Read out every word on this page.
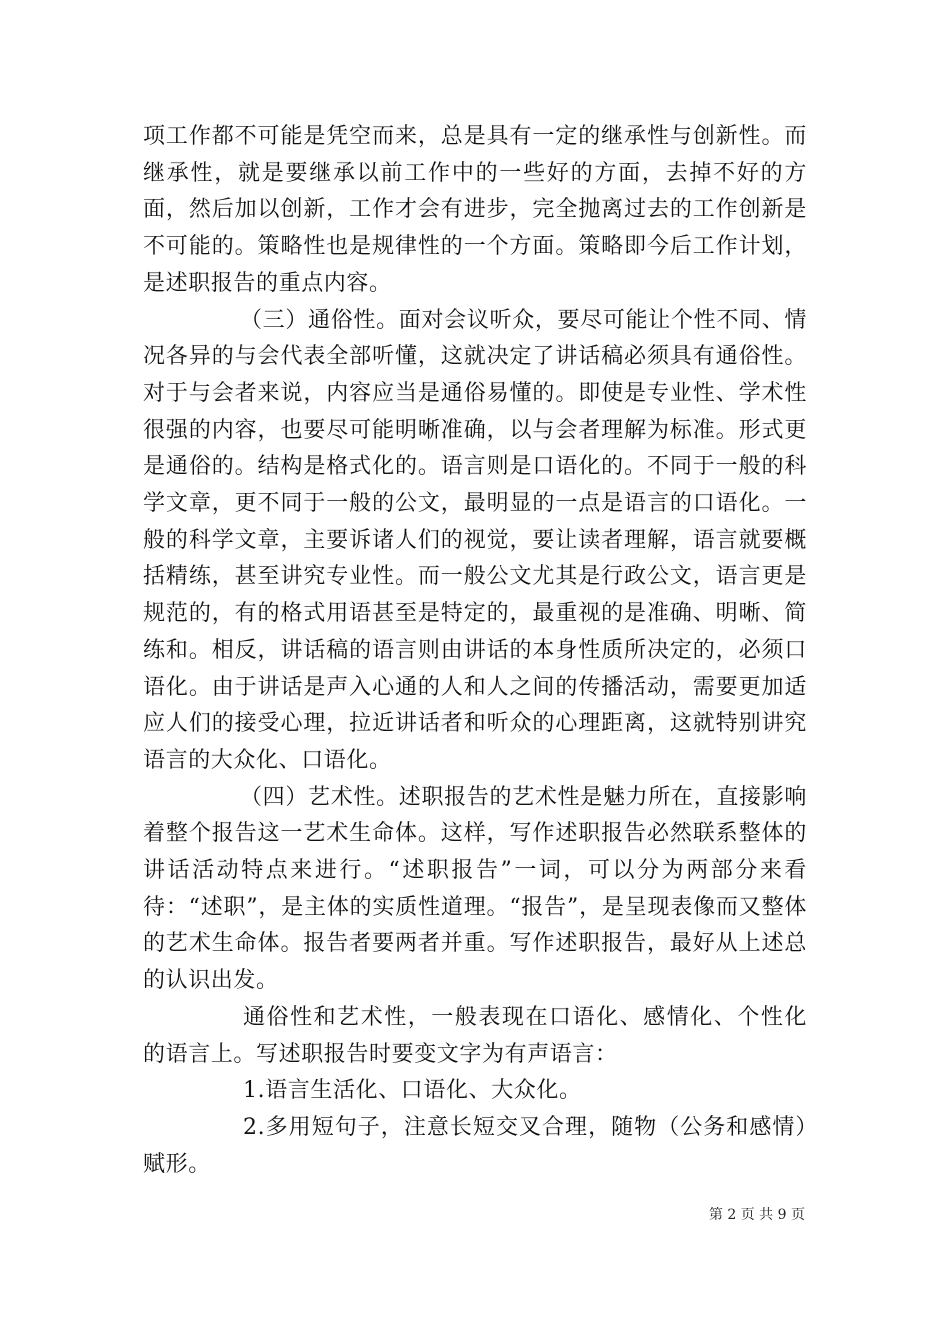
项工作都不可能是凭空而来，总是具有一定的继承性与创新性。而继承性，就是要继承以前工作中的一些好的方面，去掉不好的方面，然后加以创新，工作才会有进步，完全抛离过去的工作创新是不可能的。策略性也是规律性的一个方面。策略即今后工作计划，是述职报告的重点内容。

（三）通俗性。面对会议听众，要尽可能让个性不同、情况各异的与会代表全部听懂，这就决定了讲话稿必须具有通俗性。对于与会者来说，内容应当是通俗易懂的。即使是专业性、学术性很强的内容，也要尽可能明晰准确，以与会者理解为标准。形式更是通俗的。结构是格式化的。语言则是口语化的。不同于一般的科学文章，更不同于一般的公文，最明显的一点是语言的口语化。一般的科学文章，主要诉诸人们的视觉，要让读者理解，语言就要概括精练，甚至讲究专业性。而一般公文尤其是行政公文，语言更是规范的，有的格式用语甚至是特定的，最重视的是准确、明晰、简练和。相反，讲话稿的语言则由讲话的本身性质所决定的，必须口语化。由于讲话是声入心通的人和人之间的传播活动，需要更加适应人们的接受心理，拉近讲话者和听众的心理距离，这就特别讲究语言的大众化、口语化。

（四）艺术性。述职报告的艺术性是魅力所在，直接影响着整个报告这一艺术生命体。这样，写作述职报告必然联系整体的讲话活动特点来进行。“述职报告”一词，可以分为两部分来看待：“述职”，是主体的实质性道理。“报告”，是呈现表像而又整体的艺术生命体。报告者要两者并重。写作述职报告，最好从上述总的认识出发。

通俗性和艺术性，一般表现在口语化、感情化、个性化的语言上。写述职报告时要变文字为有声语言：

1.语言生活化、口语化、大众化。

2.多用短句子，注意长短交叉合理，随物（公务和感情）赋形。

第 2 页 共 9 页
